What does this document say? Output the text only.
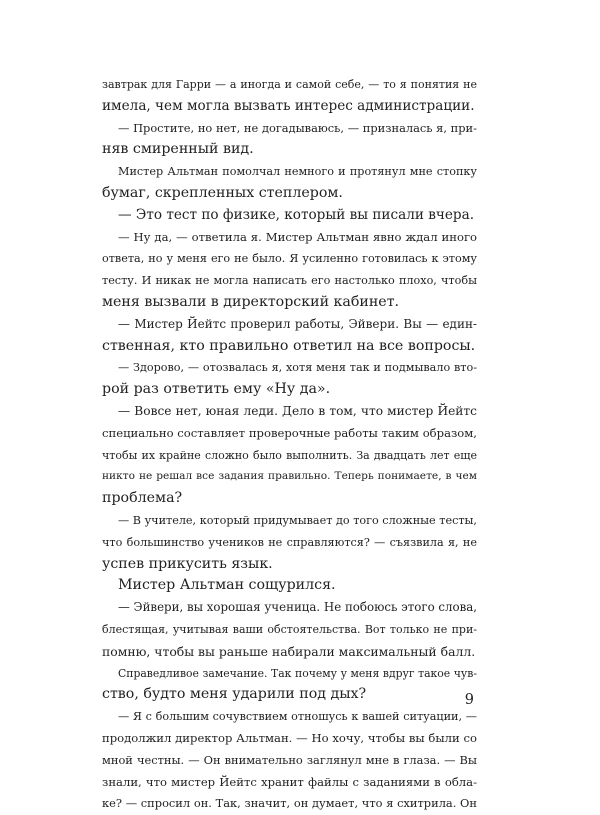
завтрак для Гарри — а иногда и самой себе, — то я понятия не
имела, чем могла вызвать интерес администрации.
— Простите, но нет, не догадываюсь, — призналась я, при-
няв смиренный вид.
Мистер Альтман помолчал немного и протянул мне стопку
бумаг, скрепленных степлером.
— Это тест по физике, который вы писали вчера.
— Ну да, — ответила я. Мистер Альтман явно ждал иного
ответа, но у меня его не было. Я усиленно готовилась к этому
тесту. И никак не могла написать его настолько плохо, чтобы
меня вызвали в директорский кабинет.
— Мистер Йейтс проверил работы, Эйвери. Вы — един-
ственная, кто правильно ответил на все вопросы.
— Здорово, — отозвалась я, хотя меня так и подмывало вто-
рой раз ответить ему «Ну да».
— Вовсе нет, юная леди. Дело в том, что мистер Йейтс
специально составляет проверочные работы таким образом,
чтобы их крайне сложно было выполнить. За двадцать лет еще
никто не решал все задания правильно. Теперь понимаете, в чем
проблема?
— В учителе, который придумывает до того сложные тесты,
что большинство учеников не справляются? — съязвила я, не
успев прикусить язык.
Мистер Альтман сощурился.
— Эйвери, вы хорошая ученица. Не побоюсь этого слова,
блестящая, учитывая ваши обстоятельства. Вот только не при-
помню, чтобы вы раньше набирали максимальный балл.
Справедливое замечание. Так почему у меня вдруг такое чув-
ство, будто меня ударили под дых?
— Я с большим сочувствием отношусь к вашей ситуации, —
продолжил директор Альтман. — Но хочу, чтобы вы были со
мной честны. — Он внимательно заглянул мне в глаза. — Вы
знали, что мистер Йейтс хранит файлы с заданиями в обла-
ке? — спросил он. Так, значит, он думает, что я схитрила. Он
9
